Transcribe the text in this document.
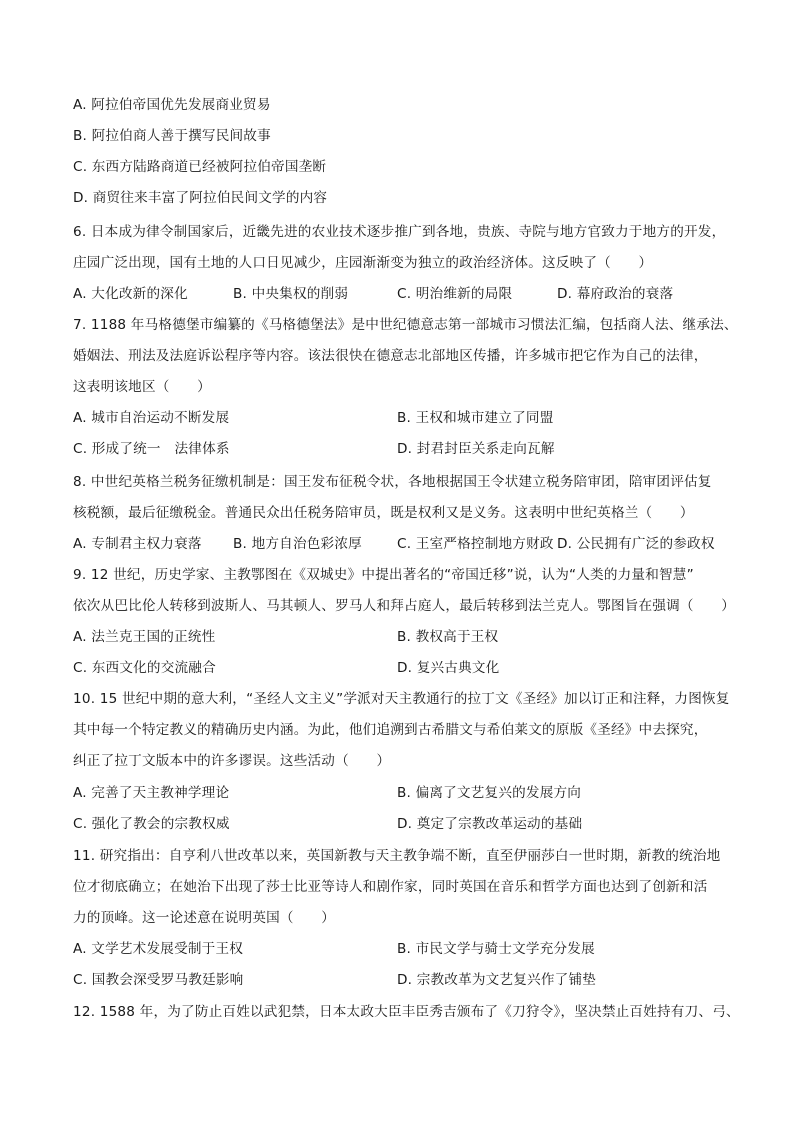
A. 阿拉伯帝国优先发展商业贸易
B. 阿拉伯商人善于撰写民间故事
C. 东西方陆路商道已经被阿拉伯帝国垄断
D. 商贸往来丰富了阿拉伯民间文学的内容
6. 日本成为律令制国家后，近畿先进的农业技术逐步推广到各地，贵族、寺院与地方官致力于地方的开发，
庄园广泛出现，国有土地的人口日见减少，庄园渐渐变为独立的政治经济体。这反映了（　　）
A. 大化改新的深化	B. 中央集权的削弱	C. 明治维新的局限	D. 幕府政治的衰落
7. 1188 年马格德堡市编纂的《马格德堡法》是中世纪德意志第一部城市习惯法汇编，包括商人法、继承法、
婚姻法、刑法及法庭诉讼程序等内容。该法很快在德意志北部地区传播，许多城市把它作为自己的法律，
这表明该地区（　　）
A. 城市自治运动不断发展	B. 王权和城市建立了同盟
C. 形成了统一　法律体系	D. 封君封臣关系走向瓦解
8. 中世纪英格兰税务征缴机制是：国王发布征税令状，各地根据国王令状建立税务陪审团，陪审团评估复
核税额，最后征缴税金。普通民众出任税务陪审员，既是权利又是义务。这表明中世纪英格兰（　　）
A. 专制君主权力衰落 B. 地方自治色彩浓厚	C. 王室严格控制地方财政 D. 公民拥有广泛的参政权
9. 12 世纪，历史学家、主教鄂图在《双城史》中提出著名的“帝国迁移”说，认为“人类的力量和智慧”
依次从巴比伦人转移到波斯人、马其顿人、罗马人和拜占庭人，最后转移到法兰克人。鄂图旨在强调（　　）
A. 法兰克王国的正统性	B. 教权高于王权
C. 东西文化的交流融合	D. 复兴古典文化
10. 15 世纪中期的意大利，“圣经人文主义”学派对天主教通行的拉丁文《圣经》加以订正和注释，力图恢复
其中每一个特定教义的精确历史内涵。为此，他们追溯到古希腊文与希伯莱文的原版《圣经》中去探究，
纠正了拉丁文版本中的许多谬误。这些活动（　　）
A. 完善了天主教神学理论	B. 偏离了文艺复兴的发展方向
C. 强化了教会的宗教权威	D. 奠定了宗教改革运动的基础
11. 研究指出：自亨利八世改革以来，英国新教与天主教争端不断，直至伊丽莎白一世时期，新教的统治地
位才彻底确立；在她治下出现了莎士比亚等诗人和剧作家，同时英国在音乐和哲学方面也达到了创新和活
力的顶峰。这一论述意在说明英国（　　）
A. 文学艺术发展受制于王权	B. 市民文学与骑士文学充分发展
C. 国教会深受罗马教廷影响	D. 宗教改革为文艺复兴作了铺垫
12. 1588 年，为了防止百姓以武犯禁，日本太政大臣丰臣秀吉颁布了《刀狩令》，坚决禁止百姓持有刀、弓、
